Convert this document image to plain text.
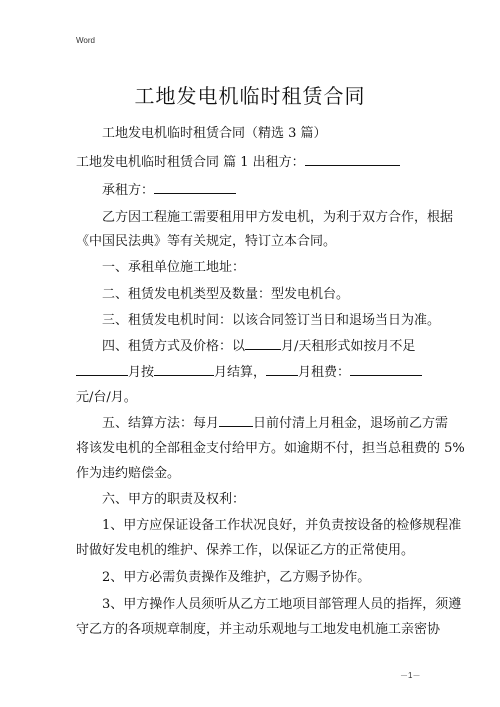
Word
工地发电机临时租赁合同
工地发电机临时租赁合同（精选 3 篇）
工地发电机临时租赁合同 篇 1 出租方：
承租方：
乙方因工程施工需要租用甲方发电机，为利于双方合作，根据
《中国民法典》等有关规定，特订立本合同。
一、承租单位施工地址：
二、租赁发电机类型及数量：型发电机台。
三、租赁发电机时间：以该合同签订当日和退场当日为准。
四、租赁方式及价格：以	月/天租形式如按月不足
月按	月结算， 月租费：
元/台/月。
五、结算方法：每月	日前付清上月租金，退场前乙方需
将该发电机的全部租金支付给甲方。如逾期不付，担当总租费的 5%
作为违约赔偿金。
六、甲方的职责及权利：
1、甲方应保证设备工作状况良好，并负责按设备的检修规程准
时做好发电机的维护、保养工作，以保证乙方的正常使用。
2、甲方必需负责操作及维护，乙方赐予协作。
3、甲方操作人员须听从乙方工地项目部管理人员的指挥，须遵
守乙方的各项规章制度，并主动乐观地与工地发电机施工亲密协
－1－
